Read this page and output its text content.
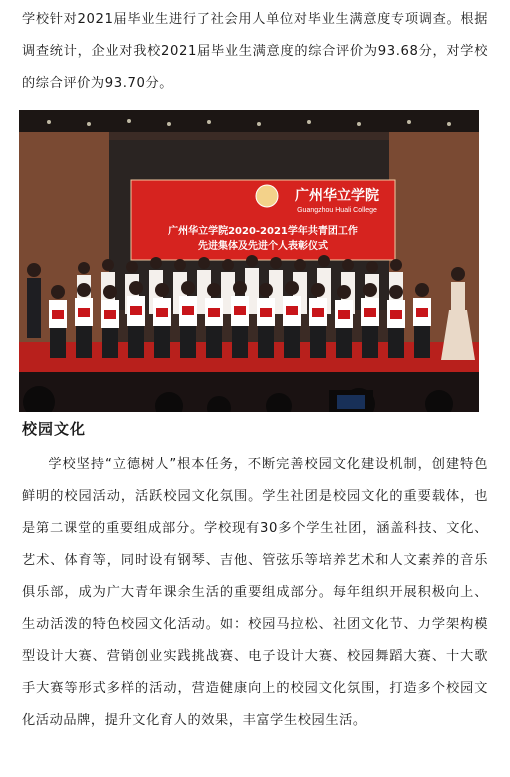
学校针对2021届毕业生进行了社会用人单位对毕业生满意度专项调查。根据调查统计，企业对我校2021届毕业生满意度的综合评价为93.68分，对学校的综合评价为93.70分。

广州华立学院
Guangzhou Huali College
广州华立学院2020-2021学年共青团工作
先进集体及先进个人表彰仪式
校园文化

学校坚持“立德树人”根本任务，不断完善校园文化建设机制，创建特色鲜明的校园活动，活跃校园文化氛围。学生社团是校园文化的重要载体，也是第二课堂的重要组成部分。学校现有30多个学生社团，涵盖科技、文化、艺术、体育等，同时设有钢琴、吉他、管弦乐等培养艺术和人文素养的音乐俱乐部，成为广大青年课余生活的重要组成部分。每年组织开展积极向上、生动活泼的特色校园文化活动。如：校园马拉松、社团文化节、力学架构模型设计大赛、营销创业实践挑战赛、电子设计大赛、校园舞蹈大赛、十大歌手大赛等形式多样的活动，营造健康向上的校园文化氛围，打造多个校园文化活动品牌，提升文化育人的效果，丰富学生校园生活。
